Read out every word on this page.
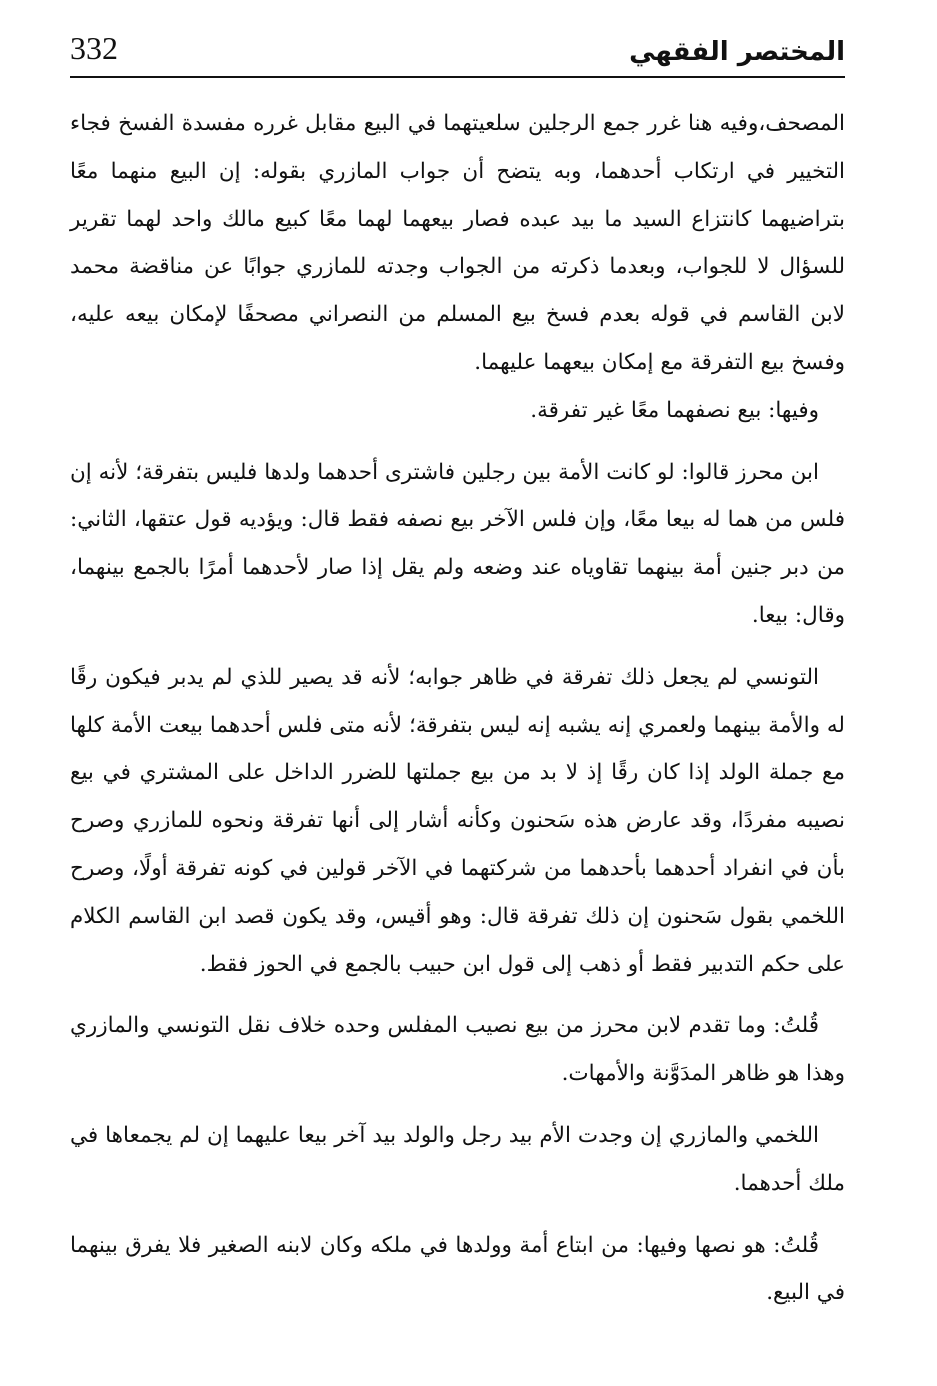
332	المختصر الفقهي

المصحف،وفيه هنا غرر جمع الرجلين سلعيتهما في البيع مقابل غرره مفسدة الفسخ فجاء التخيير في ارتكاب أحدهما، وبه يتضح أن جواب المازري بقوله: إن البيع منهما معًا بتراضيهما كانتزاع السيد ما بيد عبده فصار بيعهما لهما معًا كبيع مالك واحد لهما تقرير للسؤال لا للجواب، وبعدما ذكرته من الجواب وجدته للمازري جوابًا عن مناقضة محمد لابن القاسم في قوله بعدم فسخ بيع المسلم من النصراني مصحفًا لإمكان بيعه عليه، وفسخ بيع التفرقة مع إمكان بيعهما عليهما.

وفيها: بيع نصفهما معًا غير تفرقة.

ابن محرز قالوا: لو كانت الأمة بين رجلين فاشترى أحدهما ولدها فليس بتفرقة؛ لأنه إن فلس من هما له بيعا معًا، وإن فلس الآخر بيع نصفه فقط قال: ويؤديه قول عتقها، الثاني: من دبر جنين أمة بينهما تقاوياه عند وضعه ولم يقل إذا صار لأحدهما أمرًا بالجمع بينهما، وقال: بيعا.

التونسي لم يجعل ذلك تفرقة في ظاهر جوابه؛ لأنه قد يصير للذي لم يدبر فيكون رقًا له والأمة بينهما ولعمري إنه يشبه إنه ليس بتفرقة؛ لأنه متى فلس أحدهما بيعت الأمة كلها مع جملة الولد إذا كان رقًا إذ لا بد من بيع جملتها للضرر الداخل على المشتري في بيع نصيبه مفردًا، وقد عارض هذه سَحنون وكأنه أشار إلى أنها تفرقة ونحوه للمازري وصرح بأن في انفراد أحدهما بأحدهما من شركتهما في الآخر قولين في كونه تفرقة أولًا، وصرح اللخمي بقول سَحنون إن ذلك تفرقة قال: وهو أقيس، وقد يكون قصد ابن القاسم الكلام على حكم التدبير فقط أو ذهب إلى قول ابن حبيب بالجمع في الحوز فقط.

قُلتُ: وما تقدم لابن محرز من بيع نصيب المفلس وحده خلاف نقل التونسي والمازري وهذا هو ظاهر المدَوَّنة والأمهات.

اللخمي والمازري إن وجدت الأم بيد رجل والولد بيد آخر بيعا عليهما إن لم يجمعاها في ملك أحدهما.

قُلتُ: هو نصها وفيها: من ابتاع أمة وولدها في ملكه وكان لابنه الصغير فلا يفرق بينهما في البيع.
